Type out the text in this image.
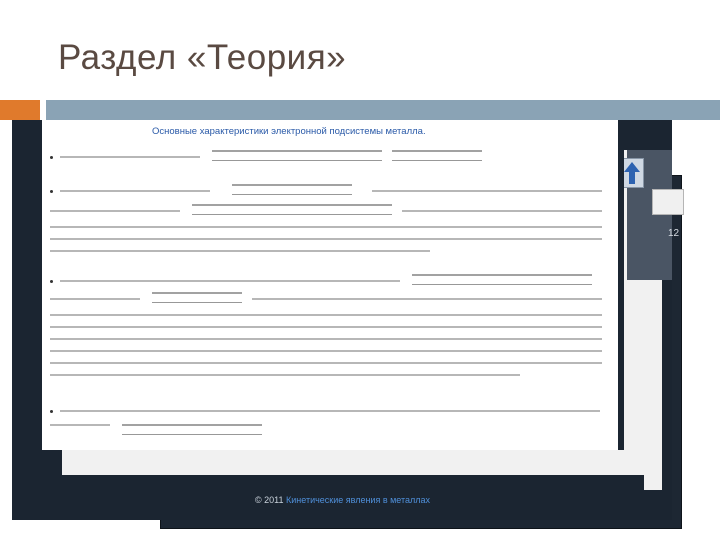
Раздел «Теория»
12
© 2011 Кинетические явления в металлах
Основные характеристики электронной подсистемы металла.
